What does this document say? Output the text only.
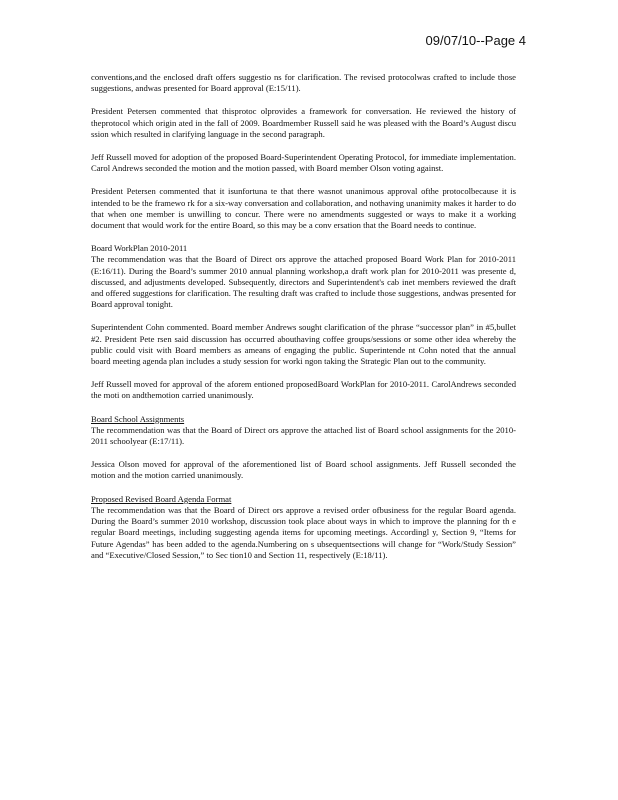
09/07/10--Page 4

conventions,and the enclosed draft offers suggestio ns for clarification. The revised protocolwas crafted to include those suggestions, andwas presented for Board approval (E:15/11).

President Petersen commented that thisprotoc olprovides a framework for conversation. He reviewed the history of theprotocol which origin ated in the fall of 2009. Boardmember Russell said he was pleased with the Board’s August discu ssion which resulted in clarifying language in the second paragraph.

Jeff Russell moved for adoption of the proposed Board-Superintendent Operating Protocol, for immediate implementation. Carol Andrews seconded the motion and the motion passed, with Board member Olson voting against.

President Petersen commented that it isunfortuna te that there wasnot unanimous approval ofthe protocolbecause it is intended to be the framewo rk for a six-way conversation and collaboration, and nothaving unanimity makes it harder to do that when one member is unwilling to concur. There were no amendments suggested or ways to make it a working document that would work for the entire Board, so this may be a conv ersation that the Board needs to continue.

Board WorkPlan 2010-2011
The recommendation was that the Board of Direct ors approve the attached proposed Board Work Plan for 2010-2011 (E:16/11). During the Board’s summer 2010 annual planning workshop,a draft work plan for 2010-2011 was presente d, discussed, and adjustments developed. Subsequently, directors and Superintendent's cab inet members reviewed the draft and offered suggestions for clarification. The resulting draft was crafted to include those suggestions, andwas presented for Board approval tonight.

Superintendent Cohn commented. Board member Andrews sought clarification of the phrase “successor plan” in #5,bullet #2. President Pete rsen said discussion has occurred abouthaving coffee groups/sessions or some other idea whereby the public could visit with Board members as ameans of engaging the public. Superintende nt Cohn noted that the annual board meeting agenda plan includes a study session for worki ngon taking the Strategic Plan out to the community.

Jeff Russell moved for approval of the aforem entioned proposedBoard WorkPlan for 2010-2011. CarolAndrews seconded the moti on andthemotion carried unanimously.

Board School Assignments
The recommendation was that the Board of Direct ors approve the attached list of Board school assignments for the 2010-2011 schoolyear (E:17/11).

Jessica Olson moved for approval of the aforementioned list of Board school assignments. Jeff Russell seconded the motion and the motion carried unanimously.

Proposed Revised Board Agenda Format
The recommendation was that the Board of Direct ors approve a revised order ofbusiness for the regular Board agenda. During the Board’s summer 2010 workshop, discussion took place about ways in which to improve the planning for th e regular Board meetings, including suggesting agenda items for upcoming meetings. Accordingl y, Section 9, “Items for Future Agendas” has been added to the agenda.Numbering on s ubsequentsections will change for “Work/Study Session” and “Executive/Closed Session,” to Sec tion10 and Section 11, respectively (E:18/11).
